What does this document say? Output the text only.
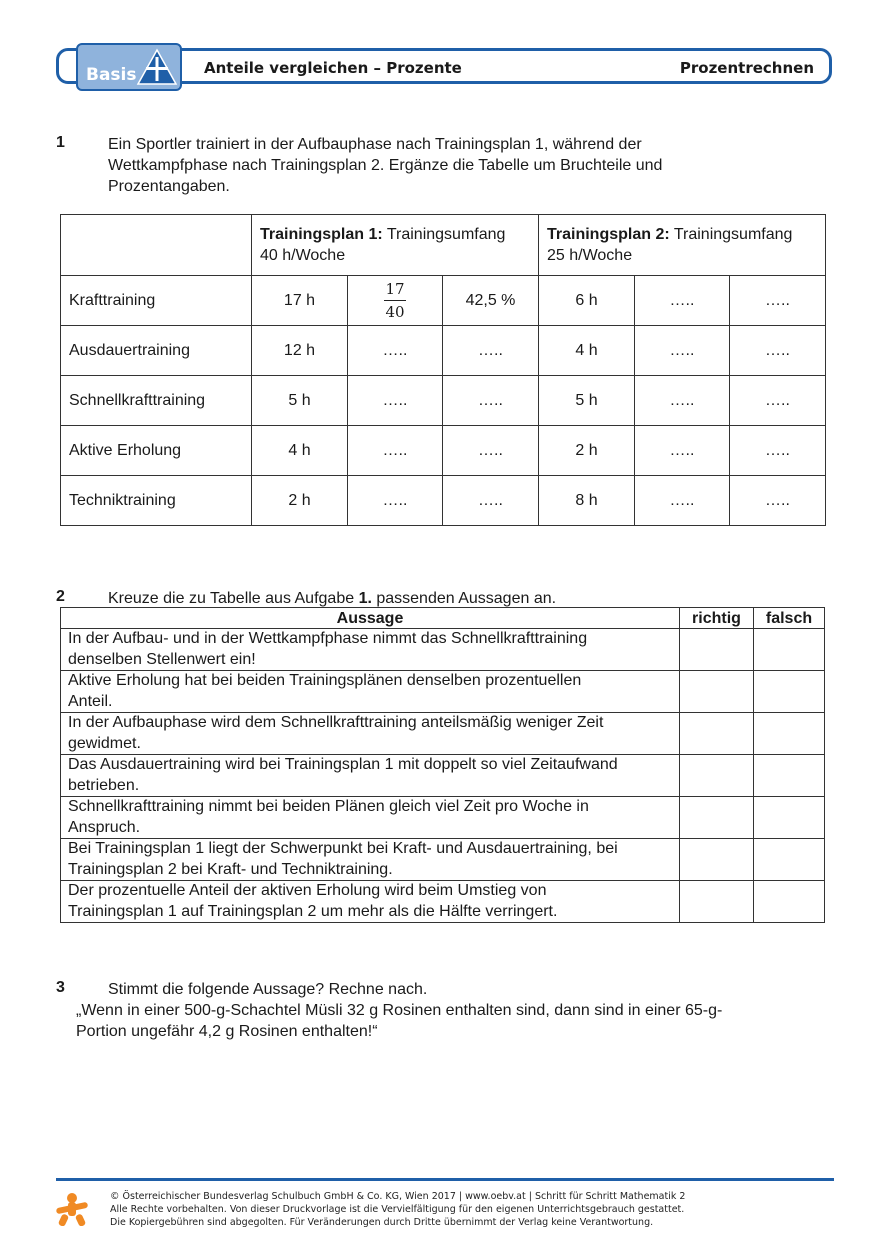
Basis	Anteile vergleichen – Prozente	Prozentrechnen
1	Ein Sportler trainiert in der Aufbauphase nach Trainingsplan 1, während der
Wettkampfphase nach Trainingsplan 2. Ergänze die Tabelle um Bruchteile und
Prozentangaben.
	Trainingsplan 1: Trainingsumfang
40 h/Woche			Trainingsplan 2: Trainingsumfang
25 h/Woche		
Krafttraining	17 h	$\frac{17}{40}$	42,5 %	6 h	…..	…..
Ausdauertraining	12 h	…..	…..	4 h	…..	…..
Schnellkrafttraining	5 h	…..	…..	5 h	…..	…..
Aktive Erholung	4 h	…..	…..	2 h	…..	…..
Techniktraining	2 h	…..	…..	8 h	…..	…..
2	Kreuze die zu Tabelle aus Aufgabe 1. passenden Aussagen an.
Aussage	richtig	falsch
In der Aufbau- und in der Wettkampfphase nimmt das Schnellkrafttraining
denselben Stellenwert ein!		
Aktive Erholung hat bei beiden Trainingsplänen denselben prozentuellen
Anteil.		
In der Aufbauphase wird dem Schnellkrafttraining anteilsmäßig weniger Zeit
gewidmet.		
Das Ausdauertraining wird bei Trainingsplan 1 mit doppelt so viel Zeitaufwand
betrieben.		
Schnellkrafttraining nimmt bei beiden Plänen gleich viel Zeit pro Woche in
Anspruch.		
Bei Trainingsplan 1 liegt der Schwerpunkt bei Kraft- und Ausdauertraining, bei
Trainingsplan 2 bei Kraft- und Techniktraining.		
Der prozentuelle Anteil der aktiven Erholung wird beim Umstieg von
Trainingsplan 1 auf Trainingsplan 2 um mehr als die Hälfte verringert.		
3	Stimmt die folgende Aussage? Rechne nach.
„Wenn in einer 500-g-Schachtel Müsli 32 g Rosinen enthalten sind, dann sind in einer 65-g-
Portion ungefähr 4,2 g Rosinen enthalten!“
© Österreichischer Bundesverlag Schulbuch GmbH & Co. KG, Wien 2017 | www.oebv.at | Schritt für Schritt Mathematik 2
Alle Rechte vorbehalten. Von dieser Druckvorlage ist die Vervielfältigung für den eigenen Unterrichtsgebrauch gestattet.
Die Kopiergebühren sind abgegolten. Für Veränderungen durch Dritte übernimmt der Verlag keine Verantwortung.
